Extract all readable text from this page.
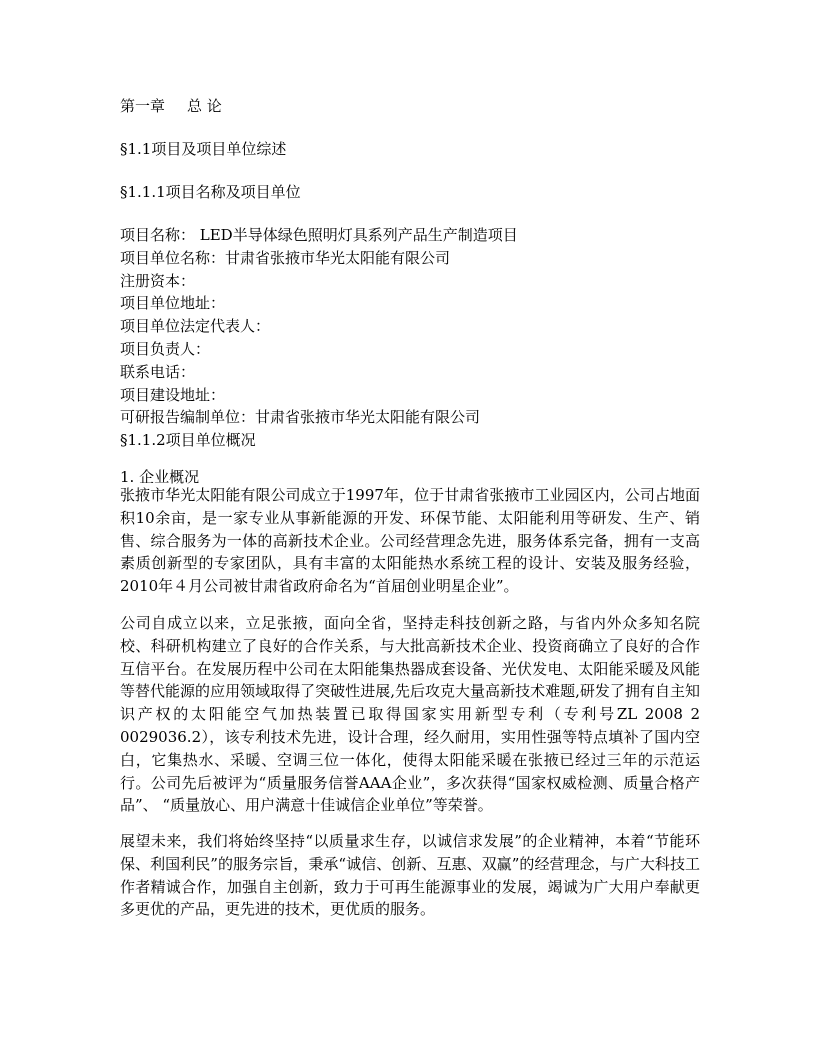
第一章 总 论

§1.1项目及项目单位综述

§1.1.1项目名称及项目单位

项目名称： LED半导体绿色照明灯具系列产品生产制造项目
项目单位名称：甘肃省张掖市华光太阳能有限公司
注册资本：
项目单位地址：
项目单位法定代表人：
项目负责人：
联系电话：
项目建设地址：
可研报告编制单位：甘肃省张掖市华光太阳能有限公司

§1.1.2项目单位概况

1. 企业概况

张掖市华光太阳能有限公司成立于1997年，位于甘肃省张掖市工业园区内，公司占地面积10余亩，是一家专业从事新能源的开发、环保节能、太阳能利用等研发、生产、销售、综合服务为一体的高新技术企业。公司经营理念先进，服务体系完备，拥有一支高素质创新型的专家团队，具有丰富的太阳能热水系统工程的设计、安装及服务经验，2010年４月公司被甘肃省政府命名为“首届创业明星企业”。

公司自成立以来，立足张掖，面向全省，坚持走科技创新之路，与省内外众多知名院校、科研机构建立了良好的合作关系，与大批高新技术企业、投资商确立了良好的合作互信平台。在发展历程中公司在太阳能集热器成套设备、光伏发电、太阳能采暖及风能等替代能源的应用领域取得了突破性进展,先后攻克大量高新技术难题,研发了拥有自主知识产权的太阳能空气加热装置已取得国家实用新型专利（专利号ZL 2008 2 0029036.2），该专利技术先进，设计合理，经久耐用，实用性强等特点填补了国内空白，它集热水、采暖、空调三位一体化，使得太阳能采暖在张掖已经过三年的示范运行。公司先后被评为“质量服务信誉AAA企业”，多次获得“国家权威检测、质量合格产品”、 “质量放心、用户满意十佳诚信企业单位”等荣誉。

展望未来，我们将始终坚持“以质量求生存，以诚信求发展”的企业精神，本着“节能环保、利国利民”的服务宗旨，秉承“诚信、创新、互惠、双赢”的经营理念，与广大科技工作者精诚合作，加强自主创新，致力于可再生能源事业的发展，竭诚为广大用户奉献更多更优的产品，更先进的技术，更优质的服务。
